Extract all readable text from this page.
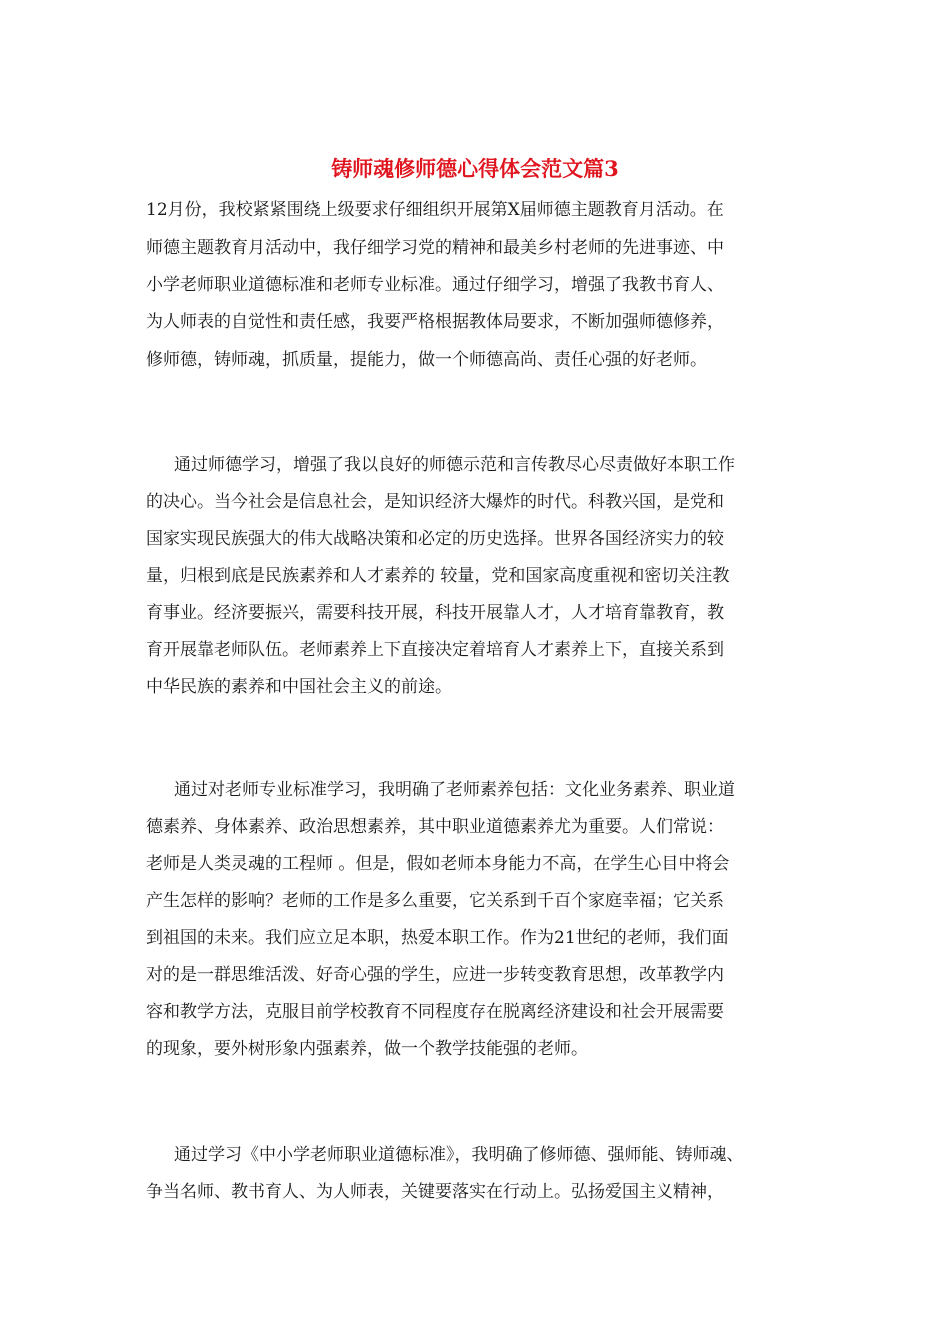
铸师魂修师德心得体会范文篇3

12月份，我校紧紧围绕上级要求仔细组织开展第X届师德主题教育月活动。在

师德主题教育月活动中，我仔细学习党的精神和最美乡村老师的先进事迹、中

小学老师职业道德标准和老师专业标准。通过仔细学习，增强了我教书育人、

为人师表的自觉性和责任感，我要严格根据教体局要求，不断加强师德修养，

修师德，铸师魂，抓质量，提能力，做一个师德高尚、责任心强的好老师。

通过师德学习，增强了我以良好的师德示范和言传教尽心尽责做好本职工作

的决心。当今社会是信息社会，是知识经济大爆炸的时代。科教兴国，是党和

国家实现民族强大的伟大战略决策和必定的历史选择。世界各国经济实力的较

量，归根到底是民族素养和人才素养的 较量，党和国家高度重视和密切关注教

育事业。经济要振兴，需要科技开展，科技开展靠人才，人才培育靠教育，教

育开展靠老师队伍。老师素养上下直接决定着培育人才素养上下，直接关系到

中华民族的素养和中国社会主义的前途。

通过对老师专业标准学习，我明确了老师素养包括：文化业务素养、职业道

德素养、身体素养、政治思想素养，其中职业道德素养尤为重要。人们常说：

老师是人类灵魂的工程师 。但是，假如老师本身能力不高，在学生心目中将会

产生怎样的影响？老师的工作是多么重要，它关系到千百个家庭幸福；它关系

到祖国的未来。我们应立足本职，热爱本职工作。作为21世纪的老师，我们面

对的是一群思维活泼、好奇心强的学生，应进一步转变教育思想，改革教学内

容和教学方法，克服目前学校教育不同程度存在脱离经济建设和社会开展需要

的现象，要外树形象内强素养，做一个教学技能强的老师。

通过学习《中小学老师职业道德标准》，我明确了修师德、强师能、铸师魂、

争当名师、教书育人、为人师表，关键要落实在行动上。弘扬爱国主义精神，
